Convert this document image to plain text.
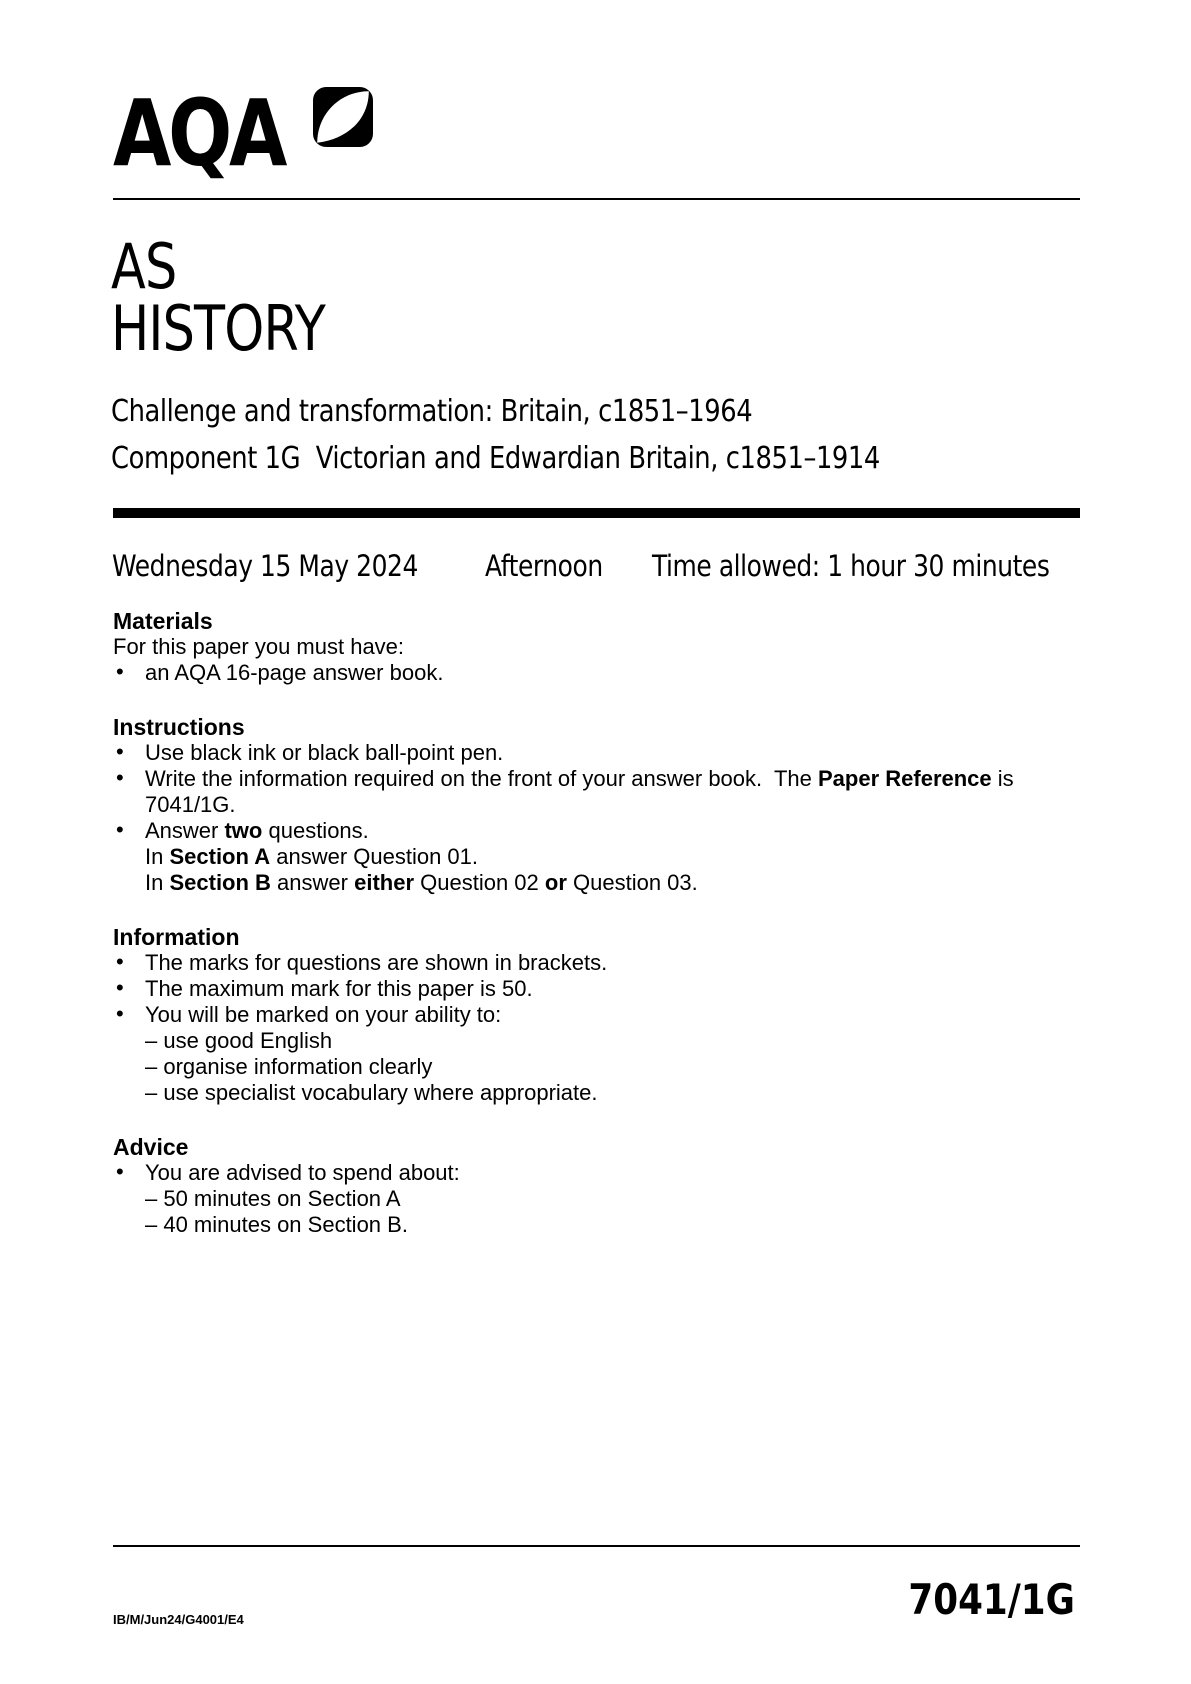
AQA
AS
HISTORY
Challenge and transformation: Britain, c1851–1964
Component 1G  Victorian and Edwardian Britain, c1851–1914
Wednesday 15 May 2024 Afternoon Time allowed: 1 hour 30 minutes
Materials
For this paper you must have:
• an AQA 16-page answer book.
Instructions
• Use black ink or black ball-point pen.
• Write the information required on the front of your answer book.  The Paper Reference is
7041/1G.
• Answer two questions.
In Section A answer Question 01.
In Section B answer either Question 02 or Question 03.
Information
• The marks for questions are shown in brackets.
• The maximum mark for this paper is 50.
• You will be marked on your ability to:
– use good English
– organise information clearly
– use specialist vocabulary where appropriate.
Advice
• You are advised to spend about:
– 50 minutes on Section A
– 40 minutes on Section B.
IB/M/Jun24/G4001/E4	7041/1G
